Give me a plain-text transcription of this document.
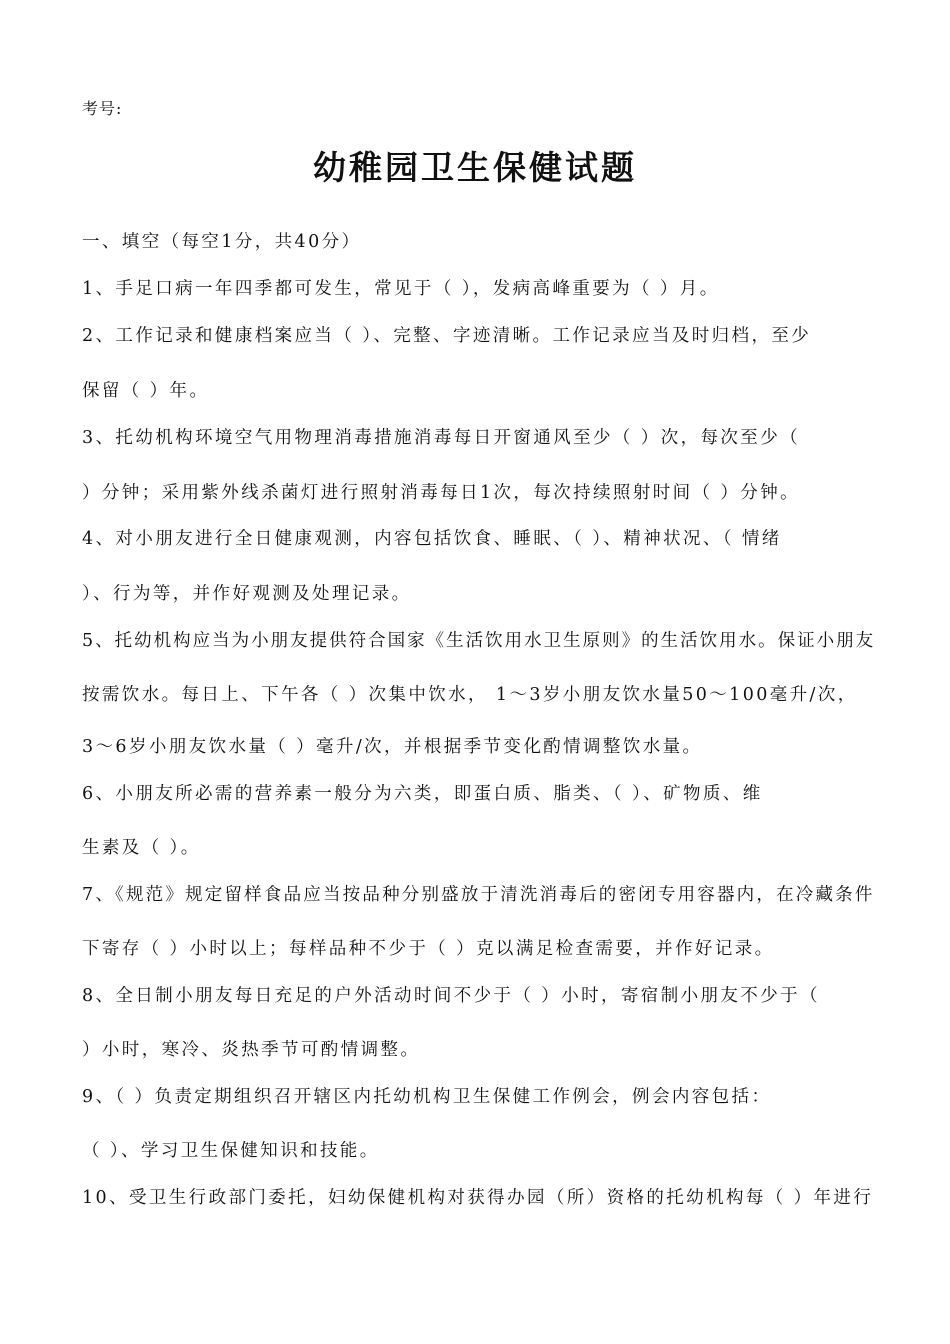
考号:
幼稚园卫生保健试题
一、填空（每空1分，共40分）
1、手足口病一年四季都可发生，常见于（ ），发病高峰重要为（ ）月。
2、工作记录和健康档案应当（ ）、完整、字迹清晰。工作记录应当及时归档，至少
保留（ ）年。
3、托幼机构环境空气用物理消毒措施消毒每日开窗通风至少（ ）次，每次至少（
）分钟；采用紫外线杀菌灯进行照射消毒每日1次，每次持续照射时间（ ）分钟。
4、对小朋友进行全日健康观测，内容包括饮食、睡眠、（ ）、精神状况、（ 情绪
）、行为等，并作好观测及处理记录。
5、托幼机构应当为小朋友提供符合国家《生活饮用水卫生原则》的生活饮用水。保证小朋友
按需饮水。每日上、下午各（ ）次集中饮水， 1～3岁小朋友饮水量50～100毫升/次，
3～6岁小朋友饮水量（ ）毫升/次，并根据季节变化酌情调整饮水量。
6、小朋友所必需的营养素一般分为六类，即蛋白质、脂类、（ ）、矿物质、维
生素及（ ）。
7、《规范》规定留样食品应当按品种分别盛放于清洗消毒后的密闭专用容器内，在冷藏条件
下寄存（ ）小时以上；每样品种不少于（ ）克以满足检查需要，并作好记录。
8、全日制小朋友每日充足的户外活动时间不少于（ ）小时，寄宿制小朋友不少于（
）小时，寒冷、炎热季节可酌情调整。
9、（ ）负责定期组织召开辖区内托幼机构卫生保健工作例会，例会内容包括：
（ ）、学习卫生保健知识和技能。
10、受卫生行政部门委托，妇幼保健机构对获得办园（所）资格的托幼机构每（ ）年进行
